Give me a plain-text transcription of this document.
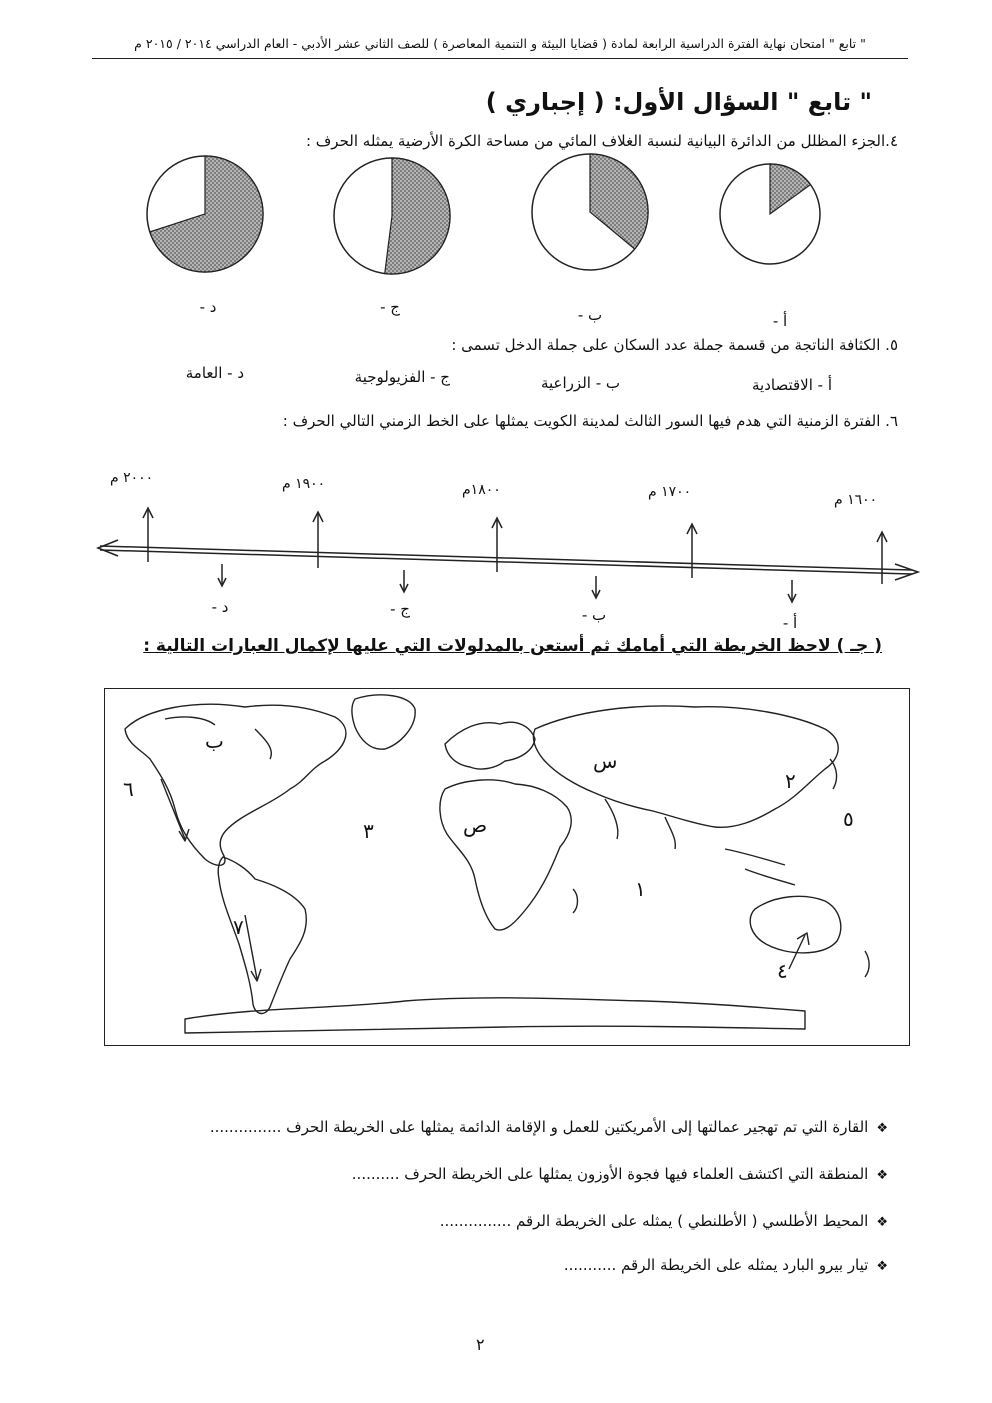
" تابع " امتحان نهاية الفترة الدراسية الرابعة لمادة ( قضايا البيئة و التنمية المعاصرة ) للصف الثاني عشر الأدبي - العام الدراسي ٢٠١٤ / ٢٠١٥ م
" تابع " السؤال الأول: ( إجباري )
٤.الجزء المظلل من الدائرة البيانية لنسبة الغلاف المائي من مساحة الكرة الأرضية يمثله الحرف :
أ -
ب -
ج -
د -
٥. الكثافة الناتجة من قسمة جملة عدد السكان على جملة الدخل تسمى :
أ - الاقتصادية
ب - الزراعية
ج - الفزيولوجية
د - العامة
٦. الفترة الزمنية التي هدم فيها السور الثالث لمدينة الكويت يمثلها على الخط الزمني التالي الحرف :
١٦٠٠ م
١٧٠٠ م
١٨٠٠م
١٩٠٠ م
٢٠٠٠ م
أ -
ب -
ج -
د -
( جـ ) لاحظ الخريطة التي أمامك ثم أستعن بالمدلولات التي عليها لإكمال العبارات التالية :
ب
س
ص
١
٢
٣
٤
٥
٦
٧
❖القارة التي تم تهجير عمالتها إلى الأمريكتين للعمل و الإقامة الدائمة يمثلها على الخريطة الحرف ...............
❖المنطقة التي اكتشف العلماء فيها فجوة الأوزون يمثلها على الخريطة الحرف ..........
❖المحيط الأطلسي ( الأطلنطي ) يمثله على الخريطة الرقم ...............
❖تيار بيرو البارد يمثله على الخريطة الرقم ...........
٢
